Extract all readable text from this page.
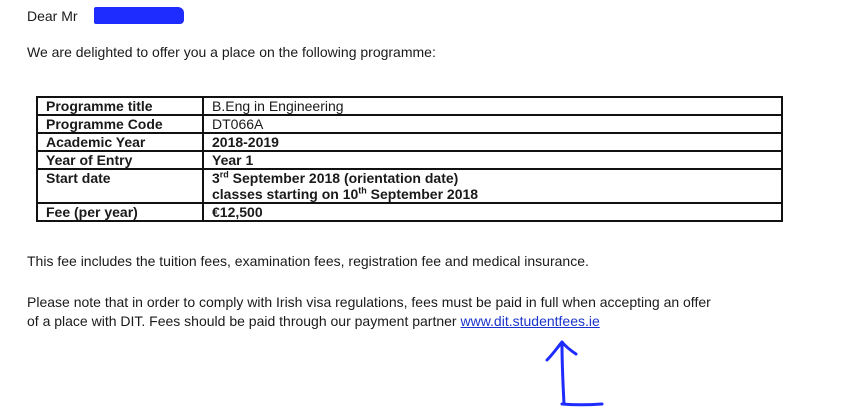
Dear Mr
We are delighted to offer you a place on the following programme:
Programme title	B.Eng in Engineering
Programme Code	DT066A
Academic Year	2018-2019
Year of Entry	Year 1
Start date	3rd September 2018 (orientation date)
classes starting on 10th September 2018

Fee (per year)	€12,500
This fee includes the tuition fees, examination fees, registration fee and medical insurance.
Please note that in order to comply with Irish visa regulations, fees must be paid in full when accepting an offer
of a place with DIT. Fees should be paid through our payment partner www.dit.studentfees.ie
